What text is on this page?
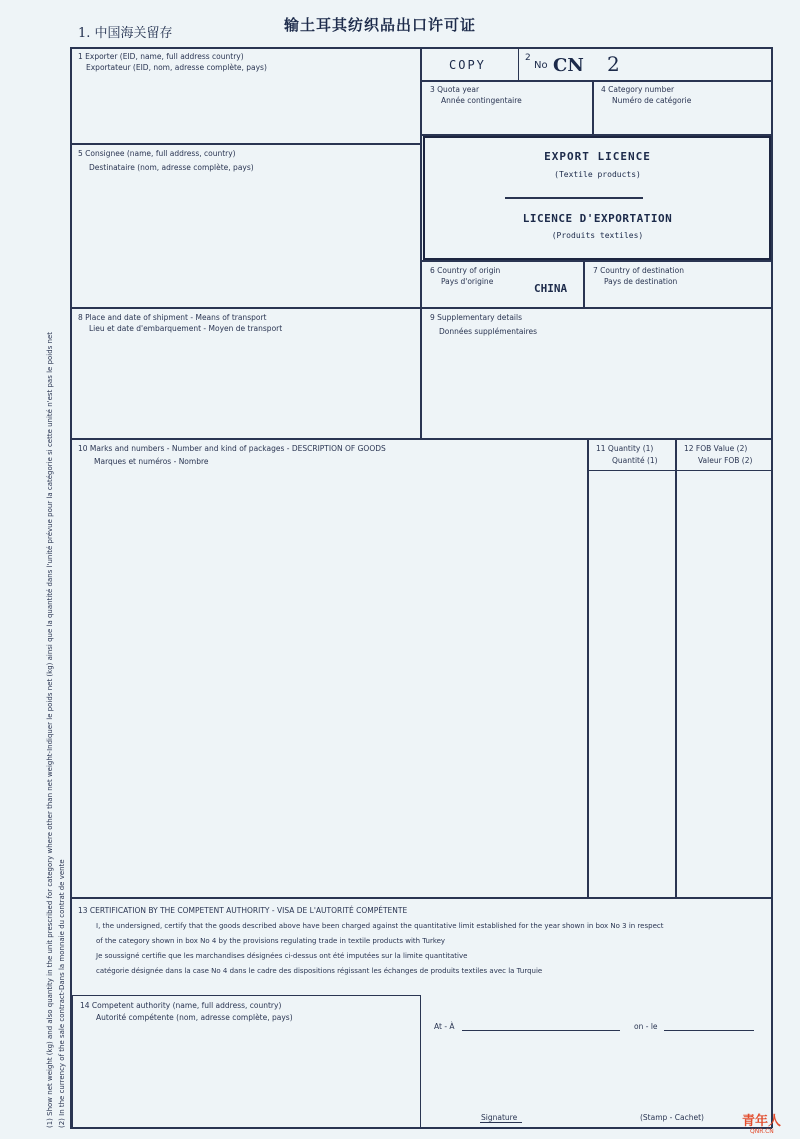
1. 中国海关留存	输土耳其纺织品出口许可证
EXPORT LICENCE
(Textile products)
LICENCE D'EXPORTATION
(Produits textiles)
1 Exporter (EID, name, full address country)
Exportateur (EID, nom, adresse complète, pays)	COPY	2
No CN 2
3 Quota year
Année contingentaire
4 Category number
Numéro de catégorie
5 Consignee (name, full address, country)
Destinataire (nom, adresse complète, pays)
6 Country of origin
Pays d'origine
CHINA
7 Country of destination
Pays de destination
8 Place and date of shipment - Means of transport
Lieu et date d'embarquement - Moyen de transport
9 Supplementary details
Données supplémentaires
10 Marks and numbers - Number and kind of packages - DESCRIPTION OF GOODS
Marques et numéros - Nombre
11 Quantity (1)
Quantité (1)
12 FOB Value (2)
Valeur FOB (2)
13 CERTIFICATION BY THE COMPETENT AUTHORITY - VISA DE L'AUTORITÉ COMPÉTENTE
I, the undersigned, certify that the goods described above have been charged against the quantitative limit established for the year shown in box No 3 in respect
of the category shown in box No 4 by the provisions regulating trade in textile products with Turkey
Je soussigné certifie que les marchandises désignées ci-dessus ont été imputées sur la limite quantitative
catégorie désignée dans la case No 4 dans le cadre des dispositions régissant les échanges de produits textiles avec la Turquie
14 Competent authority (name, full address, country)
Autorité compétente (nom, adresse complète, pays)
At - À	on - le
Signature	(Stamp - Cachet)
(1) Show net weight (kg) and also quantity in the unit prescribed for category where other than net weight-Indiquer le poids net (kg) ainsi que la quantité dans l'unité prévue pour la catégorie si cette unité n'est pas le poids net (2) In the currency of the sale contract-Dans la monnaie du contrat de vente	青年人
QNR.CN
